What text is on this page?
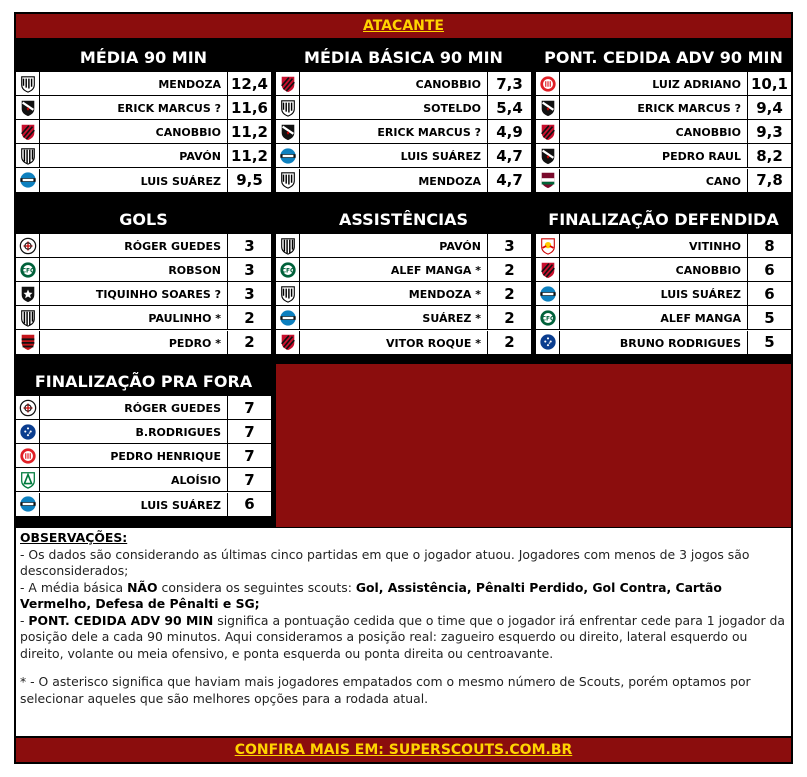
ATACANTE
MÉDIA 90 MIN
MENDOZA 12,4
ERICK MARCUS ? 11,6
CANOBBIO 11,2
PAVÓN 11,2
LUIS SUÁREZ	9,5
MÉDIA BÁSICA 90 MIN
CANOBBIO	7,3
SOTELDO	5,4
ERICK MARCUS ?	4,9
LUIS SUÁREZ	4,7
MENDOZA	4,7
PONT. CEDIDA ADV 90 MIN
LUIZ ADRIANO 10,1
ERICK MARCUS ?	9,4
CANOBBIO	9,3
PEDRO RAUL	8,2
CANO	7,8
GOLS
RÓGER GUEDES	3
CFC	ROBSON	3
TIQUINHO SOARES ?	3
PAULINHO *	2
PEDRO *	2
ASSISTÊNCIAS
PAVÓN	3
CFC	ALEF MANGA *	2
MENDOZA *	2
SUÁREZ *	2
VITOR ROQUE *	2
FINALIZAÇÃO DEFENDIDA
VITINHO	8
CANOBBIO	6
LUIS SUÁREZ	6
CFC	ALEF MANGA	5
BRUNO RODRIGUES	5
FINALIZAÇÃO PRA FORA
RÓGER GUEDES	7
B.RODRIGUES	7
PEDRO HENRIQUE	7
ALOÍSIO	7
LUIS SUÁREZ	6

OBSERVAÇÕES:

- Os dados são considerando as últimas cinco partidas em que o jogador atuou. Jogadores com menos de 3 jogos são desconsiderados;

- A média básica NÃO considera os seguintes scouts: Gol, Assistência, Pênalti Perdido, Gol Contra, Cartão Vermelho, Defesa de Pênalti e SG;

- PONT. CEDIDA ADV 90 MIN significa a pontuação cedida que o time que o jogador irá enfrentar cede para 1 jogador da posição dele a cada 90 minutos. Aqui consideramos a posição real: zagueiro esquerdo ou direito, lateral esquerdo ou direito, volante ou meia ofensivo, e ponta esquerda ou ponta direita ou centroavante.

* - O asterisco significa que haviam mais jogadores empatados com o mesmo número de Scouts, porém optamos por selecionar aqueles que são melhores opções para a rodada atual.

CONFIRA MAIS EM: SUPERSCOUTS.COM.BR
